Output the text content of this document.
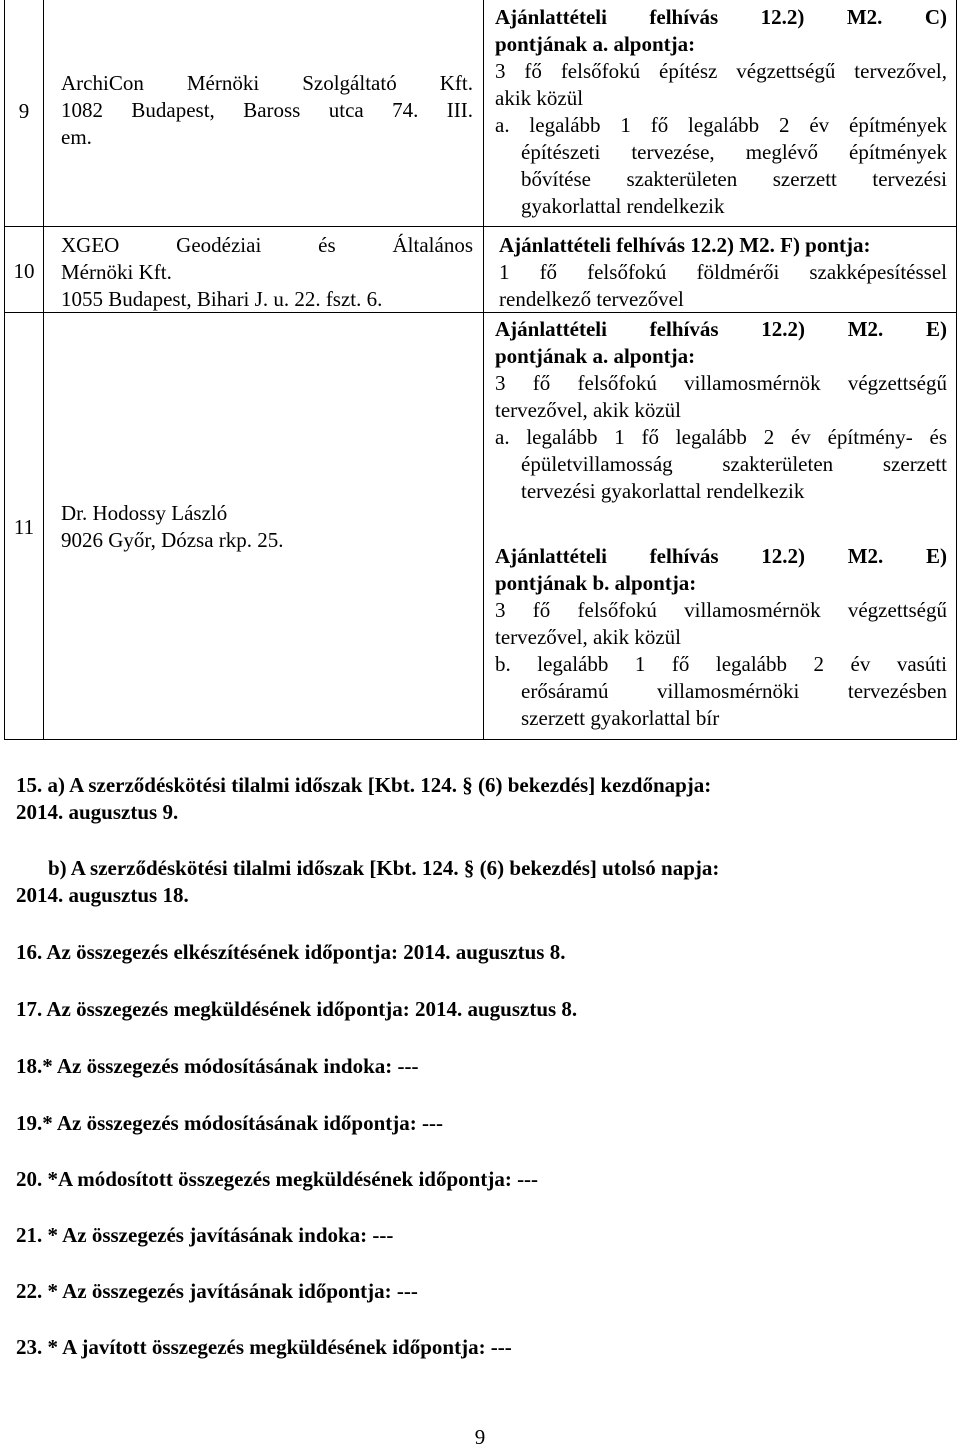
9
ArchiCon Mérnöki Szolgáltató Kft.
1082 Budapest, Baross utca 74. III.
em.
Ajánlattételi felhívás 12.2) M2. C)
pontjának a. alpontja:
3 fő felsőfokú építész végzettségű tervezővel,
akik közül
a. legalább 1 fő legalább 2 év építmények
építészeti tervezése, meglévő építmények
bővítése szakterületen szerzett tervezési
gyakorlattal rendelkezik
10
XGEO Geodéziai és Általános
Mérnöki Kft.
1055 Budapest, Bihari J. u. 22. fszt. 6.
Ajánlattételi felhívás 12.2) M2. F) pontja:
1 fő felsőfokú földmérői szakképesítéssel
rendelkező tervezővel
11
Dr. Hodossy László
9026 Győr, Dózsa rkp. 25.
Ajánlattételi felhívás 12.2) M2. E)
pontjának a. alpontja:
3 fő felsőfokú villamosmérnök végzettségű
tervezővel, akik közül
a. legalább 1 fő legalább 2 év építmény- és
épületvillamosság szakterületen szerzett
tervezési gyakorlattal rendelkezik
Ajánlattételi felhívás 12.2) M2. E)
pontjának b. alpontja:
3 fő felsőfokú villamosmérnök végzettségű
tervezővel, akik közül
b. legalább 1 fő legalább 2 év vasúti
erősáramú villamosmérnöki tervezésben
szerzett gyakorlattal bír
15. a) A szerződéskötési tilalmi időszak [Kbt. 124. § (6) bekezdés] kezdőnapja:
2014. augusztus 9.
b) A szerződéskötési tilalmi időszak [Kbt. 124. § (6) bekezdés] utolsó napja:
2014. augusztus 18.
16. Az összegezés elkészítésének időpontja: 2014. augusztus 8.
17. Az összegezés megküldésének időpontja: 2014. augusztus 8.
18.* Az összegezés módosításának indoka: ---
19.* Az összegezés módosításának időpontja: ---
20. *A módosított összegezés megküldésének időpontja: ---
21. * Az összegezés javításának indoka: ---
22. * Az összegezés javításának időpontja: ---
23. * A javított összegezés megküldésének időpontja: ---
9
